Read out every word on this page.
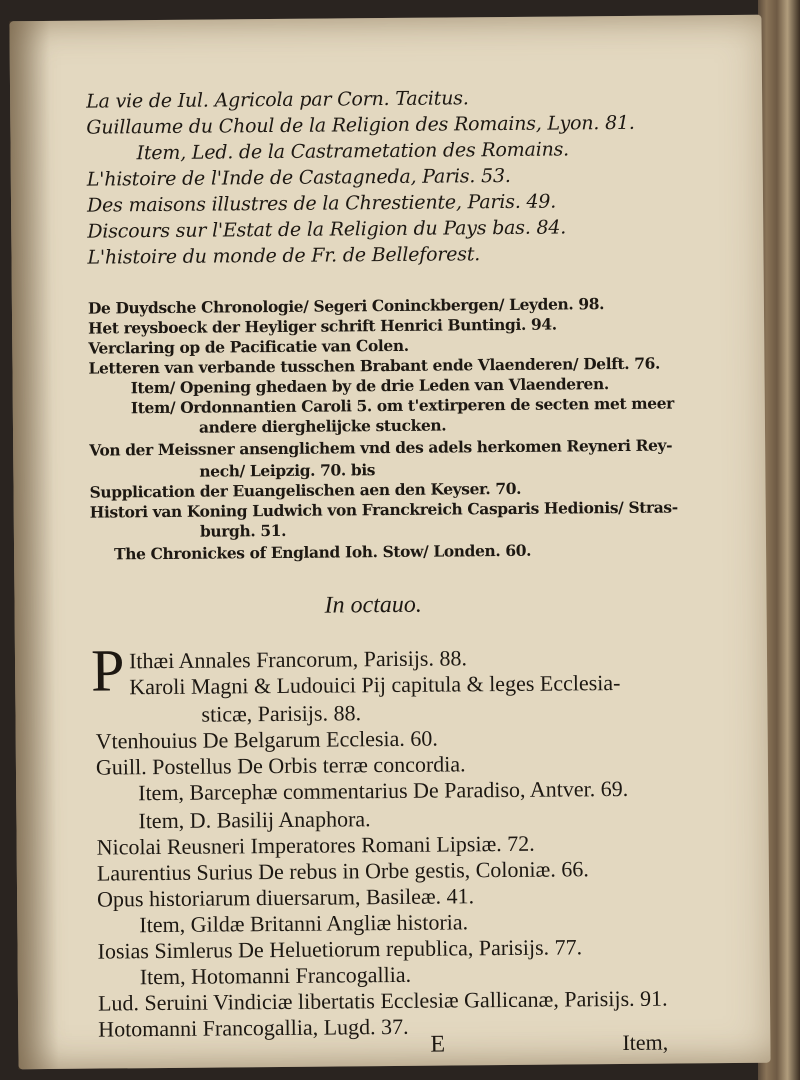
La vie de Iul. Agricola par Corn. Tacitus.
Guillaume du Choul de la Religion des Romains, Lyon. 81.
Item, Led. de la Castrametation des Romains.
L'histoire de l'Inde de Castagneda, Paris. 53.
Des maisons illustres de la Chrestiente, Paris. 49.
Discours sur l'Estat de la Religion du Pays bas. 84.
L'histoire du monde de Fr. de Belleforest.
De Duydsche Chronologie/ Segeri Coninckbergen/ Leyden. 98.
Het reysboeck der Heyliger schrift Henrici Buntingi. 94.
Verclaring op de Pacificatie van Colen.
Letteren van verbande tusschen Brabant ende Vlaenderen/ Delft. 76.
Item/ Opening ghedaen by de drie Leden van Vlaenderen.
Item/ Ordonnantien Caroli 5. om t'extirperen de secten met meer
andere dierghelijcke stucken.
Von der Meissner ansenglichem vnd des adels herkomen Reyneri Rey-
nech/ Leipzig. 70. bis
Supplication der Euangelischen aen den Keyser. 70.
Histori van Koning Ludwich von Franckreich Casparis Hedionis/ Stras-
burgh. 51.
The Chronickes of England Ioh. Stow/ Londen. 60.
In octauo.
P Ithæi Annales Francorum, Parisijs. 88.
Karoli Magni & Ludouici Pij capitula & leges Ecclesia-
sticæ, Parisijs. 88.
Vtenhouius De Belgarum Ecclesia. 60.
Guill. Postellus De Orbis terræ concordia.
Item, Barcephæ commentarius De Paradiso, Antver. 69.
Item, D. Basilij Anaphora.
Nicolai Reusneri Imperatores Romani Lipsiæ. 72.
Laurentius Surius De rebus in Orbe gestis, Coloniæ. 66.
Opus historiarum diuersarum, Basileæ. 41.
Item, Gildæ Britanni Angliæ historia.
Iosias Simlerus De Heluetiorum republica, Parisijs. 77.
Item, Hotomanni Francogallia.
Lud. Seruini Vindiciæ libertatis Ecclesiæ Gallicanæ, Parisijs. 91.
Hotomanni Francogallia, Lugd. 37.
E	Item,
